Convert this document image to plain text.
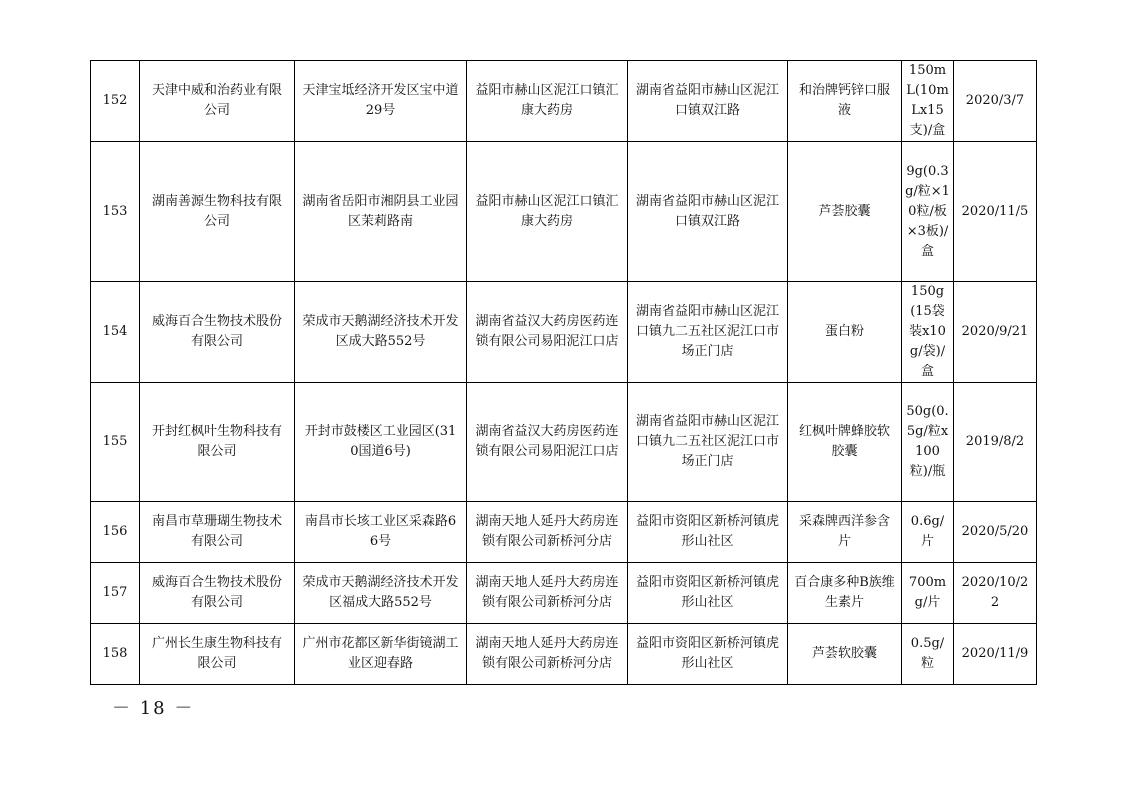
152	天津中威和治药业有限公司	天津宝坻经济开发区宝中道29号	益阳市赫山区泥江口镇汇康大药房	湖南省益阳市赫山区泥江口镇双江路	和治牌钙锌口服液	150mL(10mLx15支)/盒	2020/3/7
153	湖南善源生物科技有限公司	湖南省岳阳市湘阴县工业园区茉莉路南	益阳市赫山区泥江口镇汇康大药房	湖南省益阳市赫山区泥江口镇双江路	芦荟胶囊	9g(0.3g/粒×10粒/板×3板)/盒	2020/11/5
154	威海百合生物技术股份有限公司	荣成市天鹅湖经济技术开发区成大路552号	湖南省益汉大药房医药连锁有限公司易阳泥江口店	湖南省益阳市赫山区泥江口镇九二五社区泥江口市场正门店	蛋白粉	150g(15袋装x10g/袋)/盒	2020/9/21
155	开封红枫叶生物科技有限公司	开封市鼓楼区工业园区(310国道6号)	湖南省益汉大药房医药连锁有限公司易阳泥江口店	湖南省益阳市赫山区泥江口镇九二五社区泥江口市场正门店	红枫叶牌蜂胶软胶囊	50g(0.5g/粒x100粒)/瓶	2019/8/2
156	南昌市草珊瑚生物技术有限公司	南昌市长垓工业区采森路66号	湖南天地人延丹大药房连锁有限公司新桥河分店	益阳市资阳区新桥河镇虎形山社区	采森牌西洋参含片	0.6g/片	2020/5/20
157	威海百合生物技术股份有限公司	荣成市天鹅湖经济技术开发区福成大路552号	湖南天地人延丹大药房连锁有限公司新桥河分店	益阳市资阳区新桥河镇虎形山社区	百合康多种B族维生素片	700mg/片	2020/10/22
158	广州长生康生物科技有限公司	广州市花都区新华街镜湖工业区迎春路	湖南天地人延丹大药房连锁有限公司新桥河分店	益阳市资阳区新桥河镇虎形山社区	芦荟软胶囊	0.5g/粒	2020/11/9
－ 18 －
